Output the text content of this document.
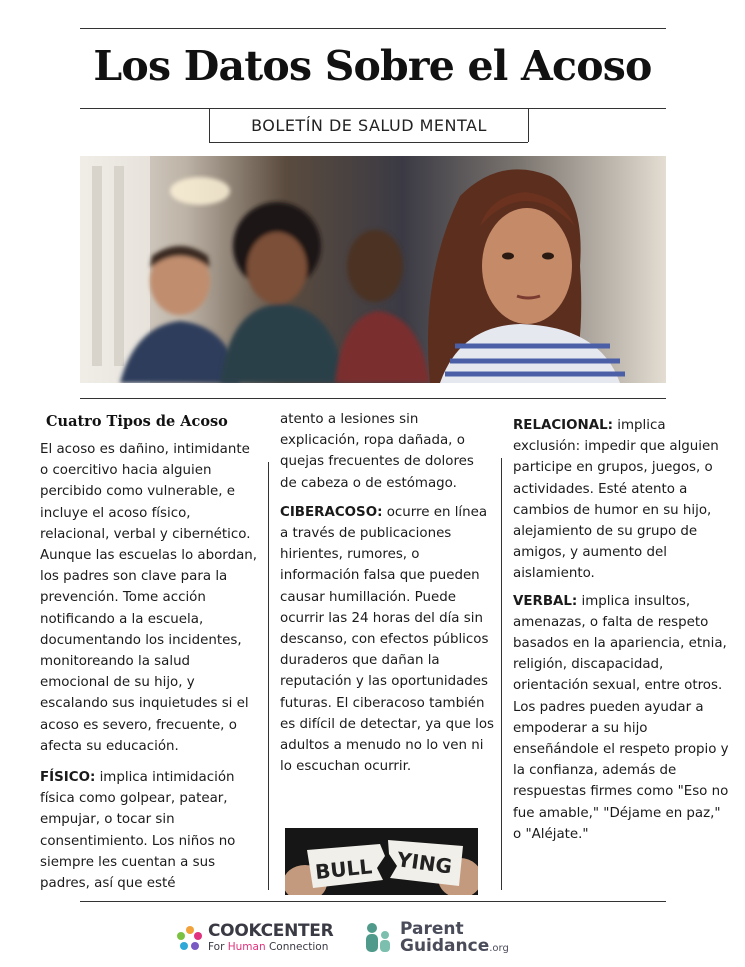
Los Datos Sobre el Acoso
BOLETÍN DE SALUD MENTAL
Cuatro Tipos de Acoso

El acoso es dañino, intimidante o coercitivo hacia alguien percibido como vulnerable, e incluye el acoso físico, relacional, verbal y cibernético. Aunque las escuelas lo abordan, los padres son clave para la prevención. Tome acción notificando a la escuela, documentando los incidentes, monitoreando la salud emocional de su hijo, y escalando sus inquietudes si el acoso es severo, frecuente, o afecta su educación.

FÍSICO: implica intimidación física como golpear, patear, empujar, o tocar sin consentimiento. Los niños no siempre les cuentan a sus padres, así que esté

atento a lesiones sin explicación, ropa dañada, o quejas frecuentes de dolores de cabeza o de estómago.

CIBERACOSO: ocurre en línea a través de publicaciones hirientes, rumores, o información falsa que pueden causar humillación. Puede ocurrir las 24 horas del día sin descanso, con efectos públicos duraderos que dañan la reputación y las oportunidades futuras. El ciberacoso también es difícil de detectar, ya que los adultos a menudo no lo ven ni lo escuchan ocurrir.

BULL YING

RELACIONAL: implica exclusión: impedir que alguien participe en grupos, juegos, o actividades. Esté atento a cambios de humor en su hijo, alejamiento de su grupo de amigos, y aumento del aislamiento.

VERBAL: implica insultos, amenazas, o falta de respeto basados en la apariencia, etnia, religión, discapacidad, orientación sexual, entre otros. Los padres pueden ayudar a empoderar a su hijo enseñándole el respeto propio y la confianza, además de respuestas firmes como "Eso no fue amable," "Déjame en paz," o "Aléjate."

COOKCENTER
For Human Connection
Parent
Guidance.org
